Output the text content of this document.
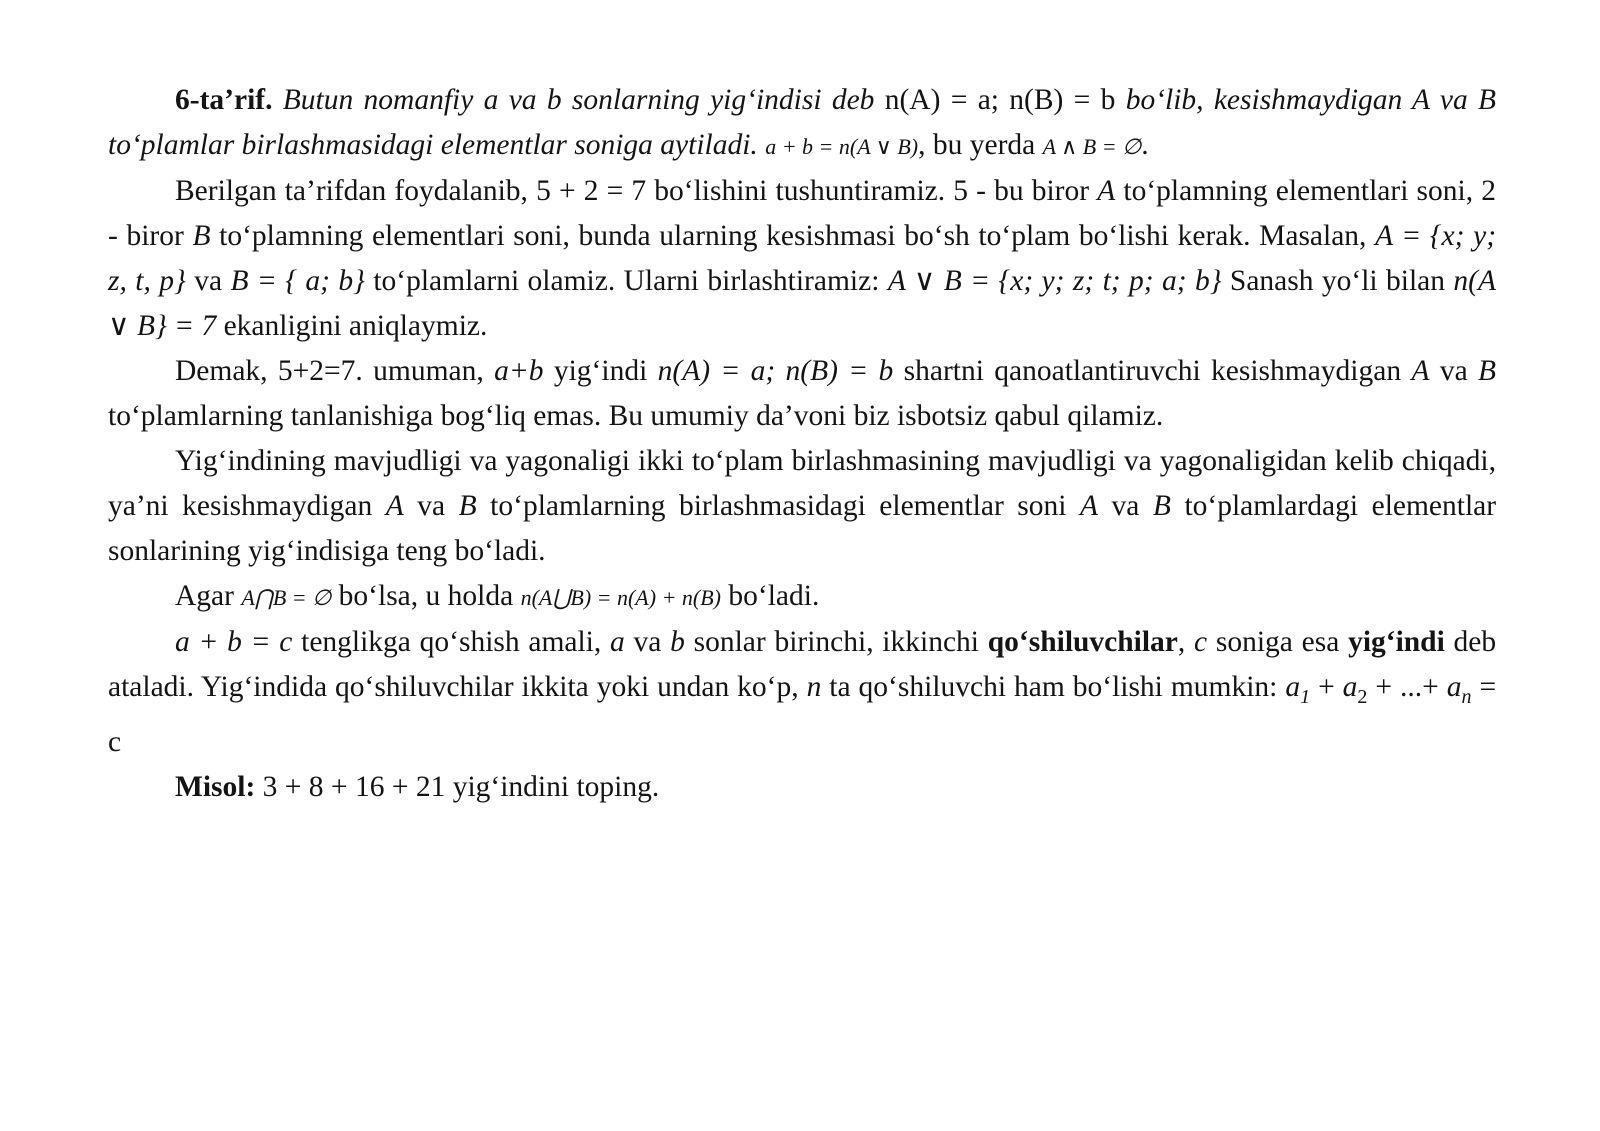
6-ta’rif. Butun nomanfiy a va b sonlarning yig‘indisi deb n(A) = a; n(B) = b bo‘lib, kesishmaydigan A va B to‘plamlar birlashmasidagi elementlar soniga aytiladi. a + b = n(A ∨ B), bu yerda A ∧ B = ∅.

Berilgan ta’rifdan foydalanib, 5 + 2 = 7 bo‘lishini tushuntiramiz. 5 - bu biror A to‘plamning elementlari soni, 2 - biror B to‘plamning elementlari soni, bunda ularning kesishmasi bo‘sh to‘plam bo‘lishi kerak. Masalan, A = {x; y; z, t, p} va B = { a; b} to‘plamlarni olamiz. Ularni birlashtiramiz: A ∨ B = {x; y; z; t; p; a; b} Sanash yo‘li bilan n(A ∨ B} = 7 ekanligini aniqlaymiz.

Demak, 5+2=7. umuman, a+b yig‘indi n(A) = a; n(B) = b shartni qanoatlantiruvchi kesishmaydigan A va B to‘plamlarning tanlanishiga bog‘liq emas. Bu umumiy da’voni biz isbotsiz qabul qilamiz.

Yig‘indining mavjudligi va yagonaligi ikki to‘plam birlashmasining mavjudligi va yagonaligidan kelib chiqadi, ya’ni kesishmaydigan A va B to‘plamlarning birlashmasidagi elementlar soni A va B to‘plamlardagi elementlar sonlarining yig‘indisiga teng bo‘ladi.

Agar A⋂B = ∅ bo‘lsa, u holda n(A⋃B) = n(A) + n(B) bo‘ladi.

a + b = c tenglikga qo‘shish amali, a va b sonlar birinchi, ikkinchi qo‘shiluvchilar, c soniga esa yig‘indi deb ataladi. Yig‘indida qo‘shiluvchilar ikkita yoki undan ko‘p, n ta qo‘shiluvchi ham bo‘lishi mumkin: $a_1 + a_2$ + ...+ $a_n = c$

Misol: 3 + 8 + 16 + 21 yig‘indini toping.
